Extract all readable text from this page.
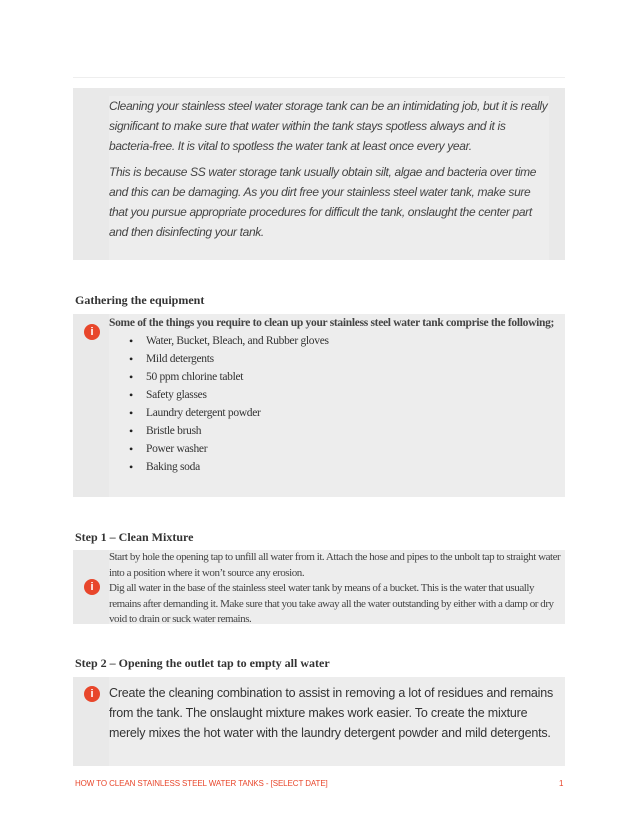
Cleaning your stainless steel water storage tank can be an intimidating job, but it is really significant to make sure that water within the tank stays spotless always and it is bacteria-free. It is vital to spotless the water tank at least once every year.

This is because SS water storage tank usually obtain silt, algae and bacteria over time and this can be damaging. As you dirt free your stainless steel water tank, make sure that you pursue appropriate procedures for difficult the tank, onslaught the center part and then disinfecting your tank.

Gathering the equipment
i

Some of the things you require to clean up your stainless steel water tank comprise the following;

• Water, Bucket, Bleach, and Rubber gloves
• Mild detergents
• 50 ppm chlorine tablet
• Safety glasses
• Laundry detergent powder
• Bristle brush
• Power washer
• Baking soda
Step 1 – Clean Mixture
i

Start by hole the opening tap to unfill all water from it. Attach the hose and pipes to the unbolt tap to straight water into a position where it won’t source any erosion.

Dig all water in the base of the stainless steel water tank by means of a bucket. This is the water that usually remains after demanding it. Make sure that you take away all the water outstanding by either with a damp or dry void to drain or suck water remains.

Step 2 – Opening the outlet tap to empty all water
i	Create the cleaning combination to assist in removing a lot of residues and remains from the tank. The onslaught mixture makes work easier. To create the mixture merely mixes the hot water with the laundry detergent powder and mild detergents.

HOW TO CLEAN STAINLESS STEEL WATER TANKS - [SELECT DATE]	1
